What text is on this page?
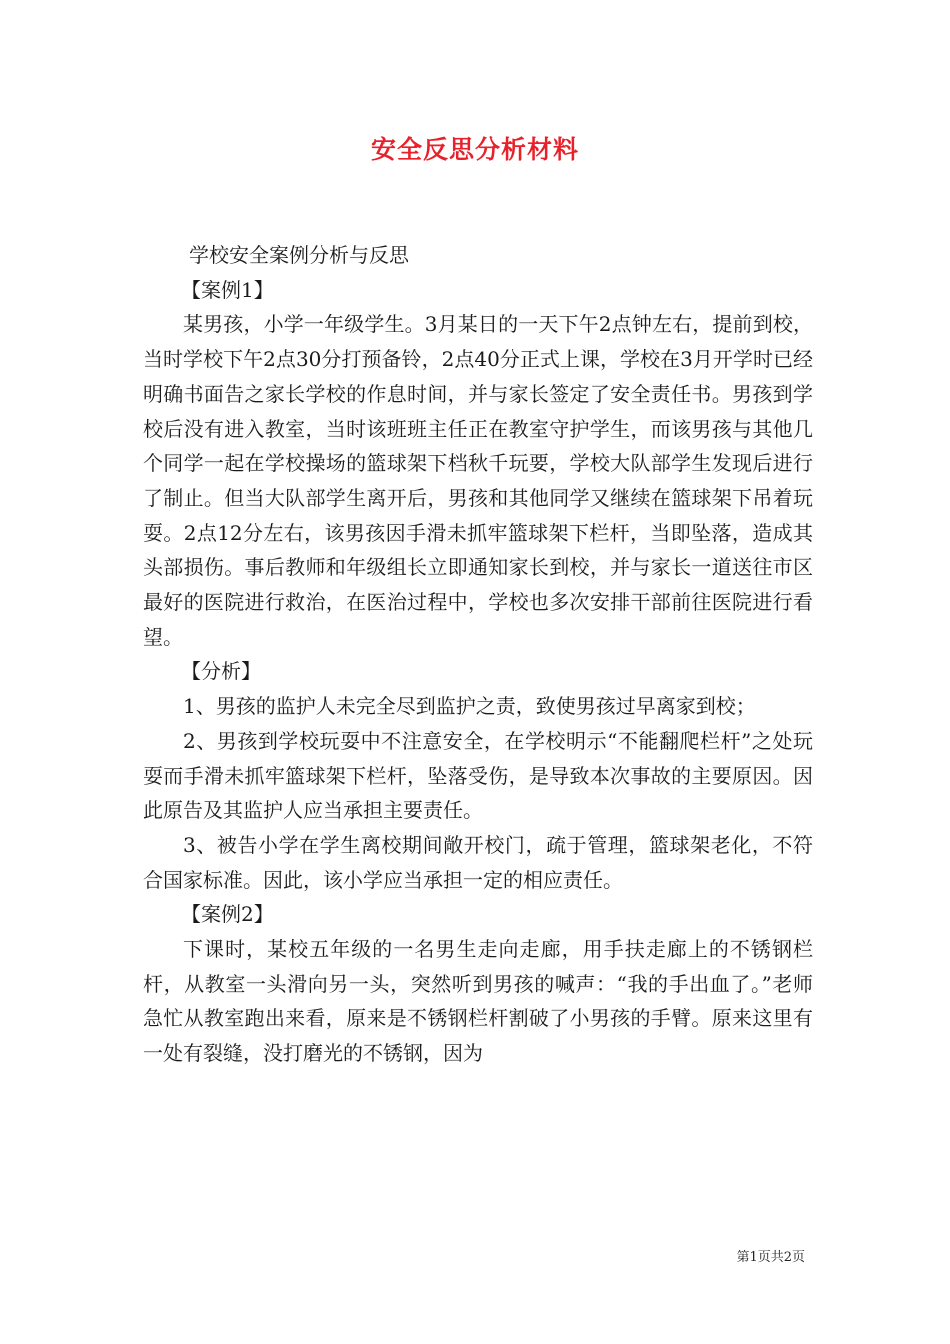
安全反思分析材料

学校安全案例分析与反思

【案例1】

某男孩，小学一年级学生。3月某日的一天下午2点钟左右，提前到校，当时学校下午2点30分打预备铃，2点40分正式上课，学校在3月开学时已经明确书面告之家长学校的作息时间，并与家长签定了安全责任书。男孩到学校后没有进入教室，当时该班班主任正在教室守护学生，而该男孩与其他几个同学一起在学校操场的篮球架下档秋千玩要，学校大队部学生发现后进行了制止。但当大队部学生离开后，男孩和其他同学又继续在篮球架下吊着玩耍。2点12分左右，该男孩因手滑未抓牢篮球架下栏杆，当即坠落，造成其头部损伤。事后教师和年级组长立即通知家长到校，并与家长一道送往市区最好的医院进行救治，在医治过程中，学校也多次安排干部前往医院进行看望。

【分析】

1、男孩的监护人未完全尽到监护之责，致使男孩过早离家到校；

2、男孩到学校玩耍中不注意安全，在学校明示“不能翻爬栏杆”之处玩耍而手滑未抓牢篮球架下栏杆，坠落受伤，是导致本次事故的主要原因。因此原告及其监护人应当承担主要责任。

3、被告小学在学生离校期间敞开校门，疏于管理，篮球架老化，不符合国家标准。因此，该小学应当承担一定的相应责任。

【案例2】

下课时，某校五年级的一名男生走向走廊，用手扶走廊上的不锈钢栏杆，从教室一头滑向另一头，突然听到男孩的喊声：“我的手出血了。”老师急忙从教室跑出来看，原来是不锈钢栏杆割破了小男孩的手臂。原来这里有一处有裂缝，没打磨光的不锈钢，因为

第1页共2页
